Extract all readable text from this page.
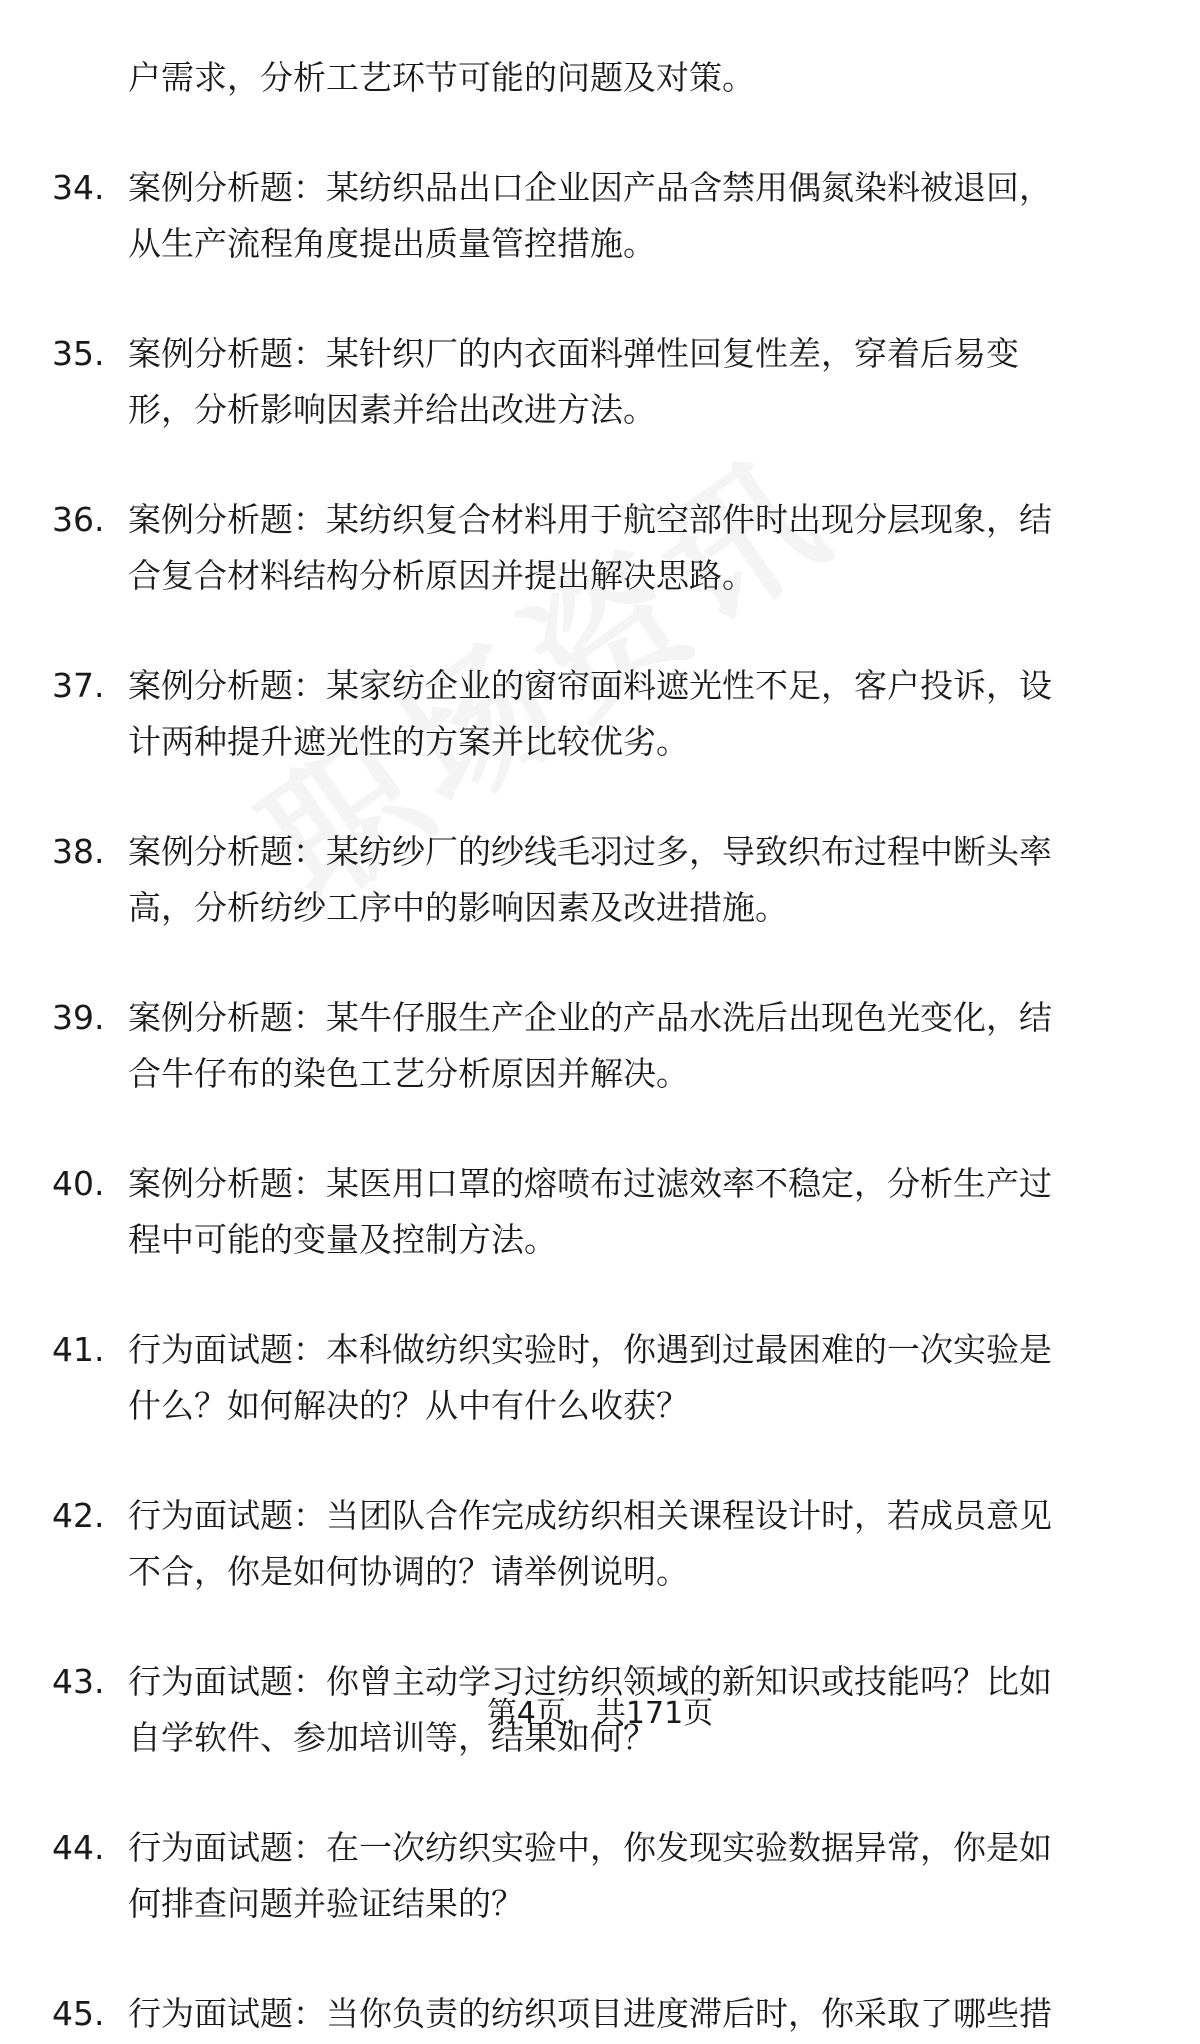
户需求，分析工艺环节可能的问题及对策。
34. 案例分析题：某纺织品出口企业因产品含禁用偶氮染料被退回，
从生产流程角度提出质量管控措施。
35. 案例分析题：某针织厂的内衣面料弹性回复性差，穿着后易变
形，分析影响因素并给出改进方法。
36. 案例分析题：某纺织复合材料用于航空部件时出现分层现象，结
合复合材料结构分析原因并提出解决思路。
37. 案例分析题：某家纺企业的窗帘面料遮光性不足，客户投诉，设
计两种提升遮光性的方案并比较优劣。
38. 案例分析题：某纺纱厂的纱线毛羽过多，导致织布过程中断头率
高，分析纺纱工序中的影响因素及改进措施。
39. 案例分析题：某牛仔服生产企业的产品水洗后出现色光变化，结
合牛仔布的染色工艺分析原因并解决。
40. 案例分析题：某医用口罩的熔喷布过滤效率不稳定，分析生产过
程中可能的变量及控制方法。
41. 行为面试题：本科做纺织实验时，你遇到过最困难的一次实验是
什么？如何解决的？从中有什么收获？
42. 行为面试题：当团队合作完成纺织相关课程设计时，若成员意见
不合，你是如何协调的？请举例说明。
43. 行为面试题：你曾主动学习过纺织领域的新知识或技能吗？比如
自学软件、参加培训等，结果如何？
44. 行为面试题：在一次纺织实验中，你发现实验数据异常，你是如
何排查问题并验证结果的？
45. 行为面试题：当你负责的纺织项目进度滞后时，你采取了哪些措
第4页，共171页
